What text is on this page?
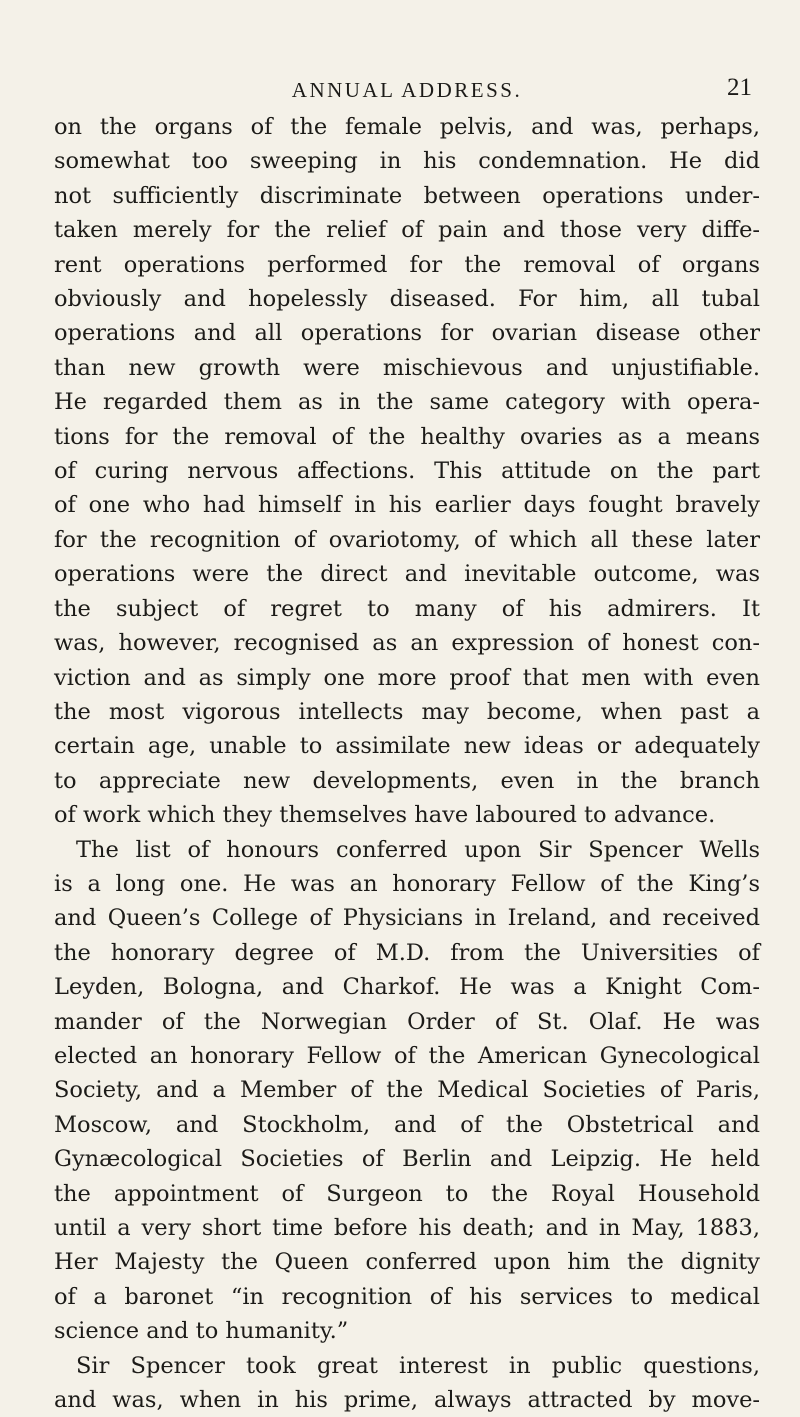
ANNUAL ADDRESS.	21
on the organs of the female pelvis, and was, perhaps,
somewhat too sweeping in his condemnation. He did
not sufficiently discriminate between operations under-
taken merely for the relief of pain and those very diffe-
rent operations performed for the removal of organs
obviously and hopelessly diseased. For him, all tubal
operations and all operations for ovarian disease other
than new growth were mischievous and unjustifiable.
He regarded them as in the same category with opera-
tions for the removal of the healthy ovaries as a means
of curing nervous affections. This attitude on the part
of one who had himself in his earlier days fought bravely
for the recognition of ovariotomy, of which all these later
operations were the direct and inevitable outcome, was
the subject of regret to many of his admirers. It
was, however, recognised as an expression of honest con-
viction and as simply one more proof that men with even
the most vigorous intellects may become, when past a
certain age, unable to assimilate new ideas or adequately
to appreciate new developments, even in the branch
of work which they themselves have laboured to advance.
The list of honours conferred upon Sir Spencer Wells
is a long one. He was an honorary Fellow of the King’s
and Queen’s College of Physicians in Ireland, and received
the honorary degree of M.D. from the Universities of
Leyden, Bologna, and Charkof. He was a Knight Com-
mander of the Norwegian Order of St. Olaf. He was
elected an honorary Fellow of the American Gynecological
Society, and a Member of the Medical Societies of Paris,
Moscow, and Stockholm, and of the Obstetrical and
Gynæcological Societies of Berlin and Leipzig. He held
the appointment of Surgeon to the Royal Household
until a very short time before his death; and in May, 1883,
Her Majesty the Queen conferred upon him the dignity
of a baronet “in recognition of his services to medical
science and to humanity.”
Sir Spencer took great interest in public questions,
and was, when in his prime, always attracted by move-
